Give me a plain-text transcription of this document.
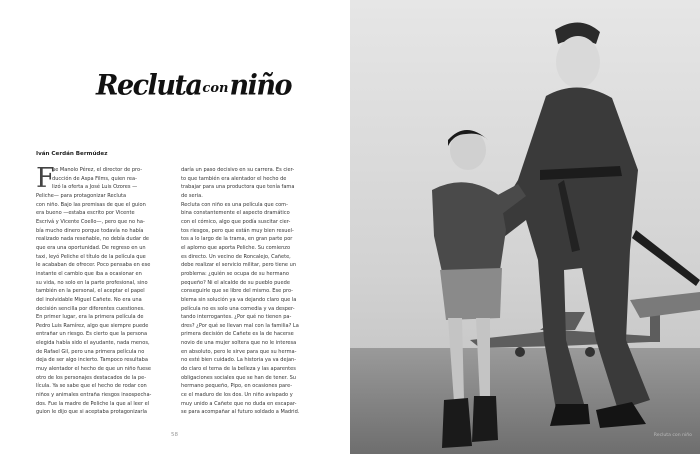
Reclutaconniño
Iván Cerdán Bermúdez
F
ue Manolo Pérez, el director de pro-
ducción de Aspa Films, quien rea-
lizó la oferta a José Luis Ozores —
Peliche— para protagonizar Recluta
con niño. Bajo las premisas de que el guion
era bueno —estaba escrito por Vicente
Escrivá y Vicente Coello—, pero que no ha-
bía mucho dinero porque todavía no había
realizado nada reseñable, no debía dudar de
que era una oportunidad. De regreso en un
taxi, leyó Peliche el título de la película que
le acababan de ofrecer. Poco pensaba en ese
instante el cambio que iba a ocasionar en
su vida, no solo en la parte profesional, sino
también en la personal, el aceptar el papel
del inolvidable Miguel Cañete. No era una
decisión sencilla por diferentes cuestiones.
En primer lugar, era la primera película de
Pedro Luis Ramírez, algo que siempre puede
entrañar un riesgo. Es cierto que la persona
elegida había sido el ayudante, nada menos,
de Rafael Gil, pero una primera película no
deja de ser algo incierto. Tampoco resultaba
muy alentador el hecho de que un niño fuese
otro de los personajes destacados de la pe-
lícula. Ya se sabe que el hecho de rodar con
niños y animales entraña riesgos insospecha-
dos. Fue la madre de Peliche la que al leer el
guion le dijo que si aceptaba protagonizarla
daría un paso decisivo en su carrera. Es cier-
to que también era alentador el hecho de
trabajar para una productora que tenía fama
de seria.
Recluta con niño es una película que com-
bina constantemente el aspecto dramático
con el cómico, algo que podía suscitar cier-
tos riesgos, pero que están muy bien resuel-
tos a lo largo de la trama, en gran parte por
el aplomo que aporta Peliche. Su comienzo
es directo. Un vecino de Roncalejo, Cañete,
debe realizar el servicio militar, pero tiene un
problema: ¿quién se ocupa de su hermano
pequeño? Ni el alcalde de su pueblo puede
conseguirle que se libre del mismo. Ese pro-
blema sin solución ya va dejando claro que la
película no es solo una comedia y va desper-
tando interrogantes. ¿Por qué no tienen pa-
dres? ¿Por qué se llevan mal con la familia? La
primera decisión de Cañete es la de hacerse
novio de una mujer soltera que no le interesa
en absoluto, pero le sirve para que su herma-
no esté bien cuidado. La historia ya va dejan-
do claro el tema de la belleza y las aparentes
obligaciones sociales que se han de tener. Su
hermano pequeño, Pipo, en ocasiones pare-
ce el maduro de los dos. Un niño avispado y
muy unido a Cañete que no duda en escapar-
se para acompañar al futuro soldado a Madrid.
58	Recluta con niño
